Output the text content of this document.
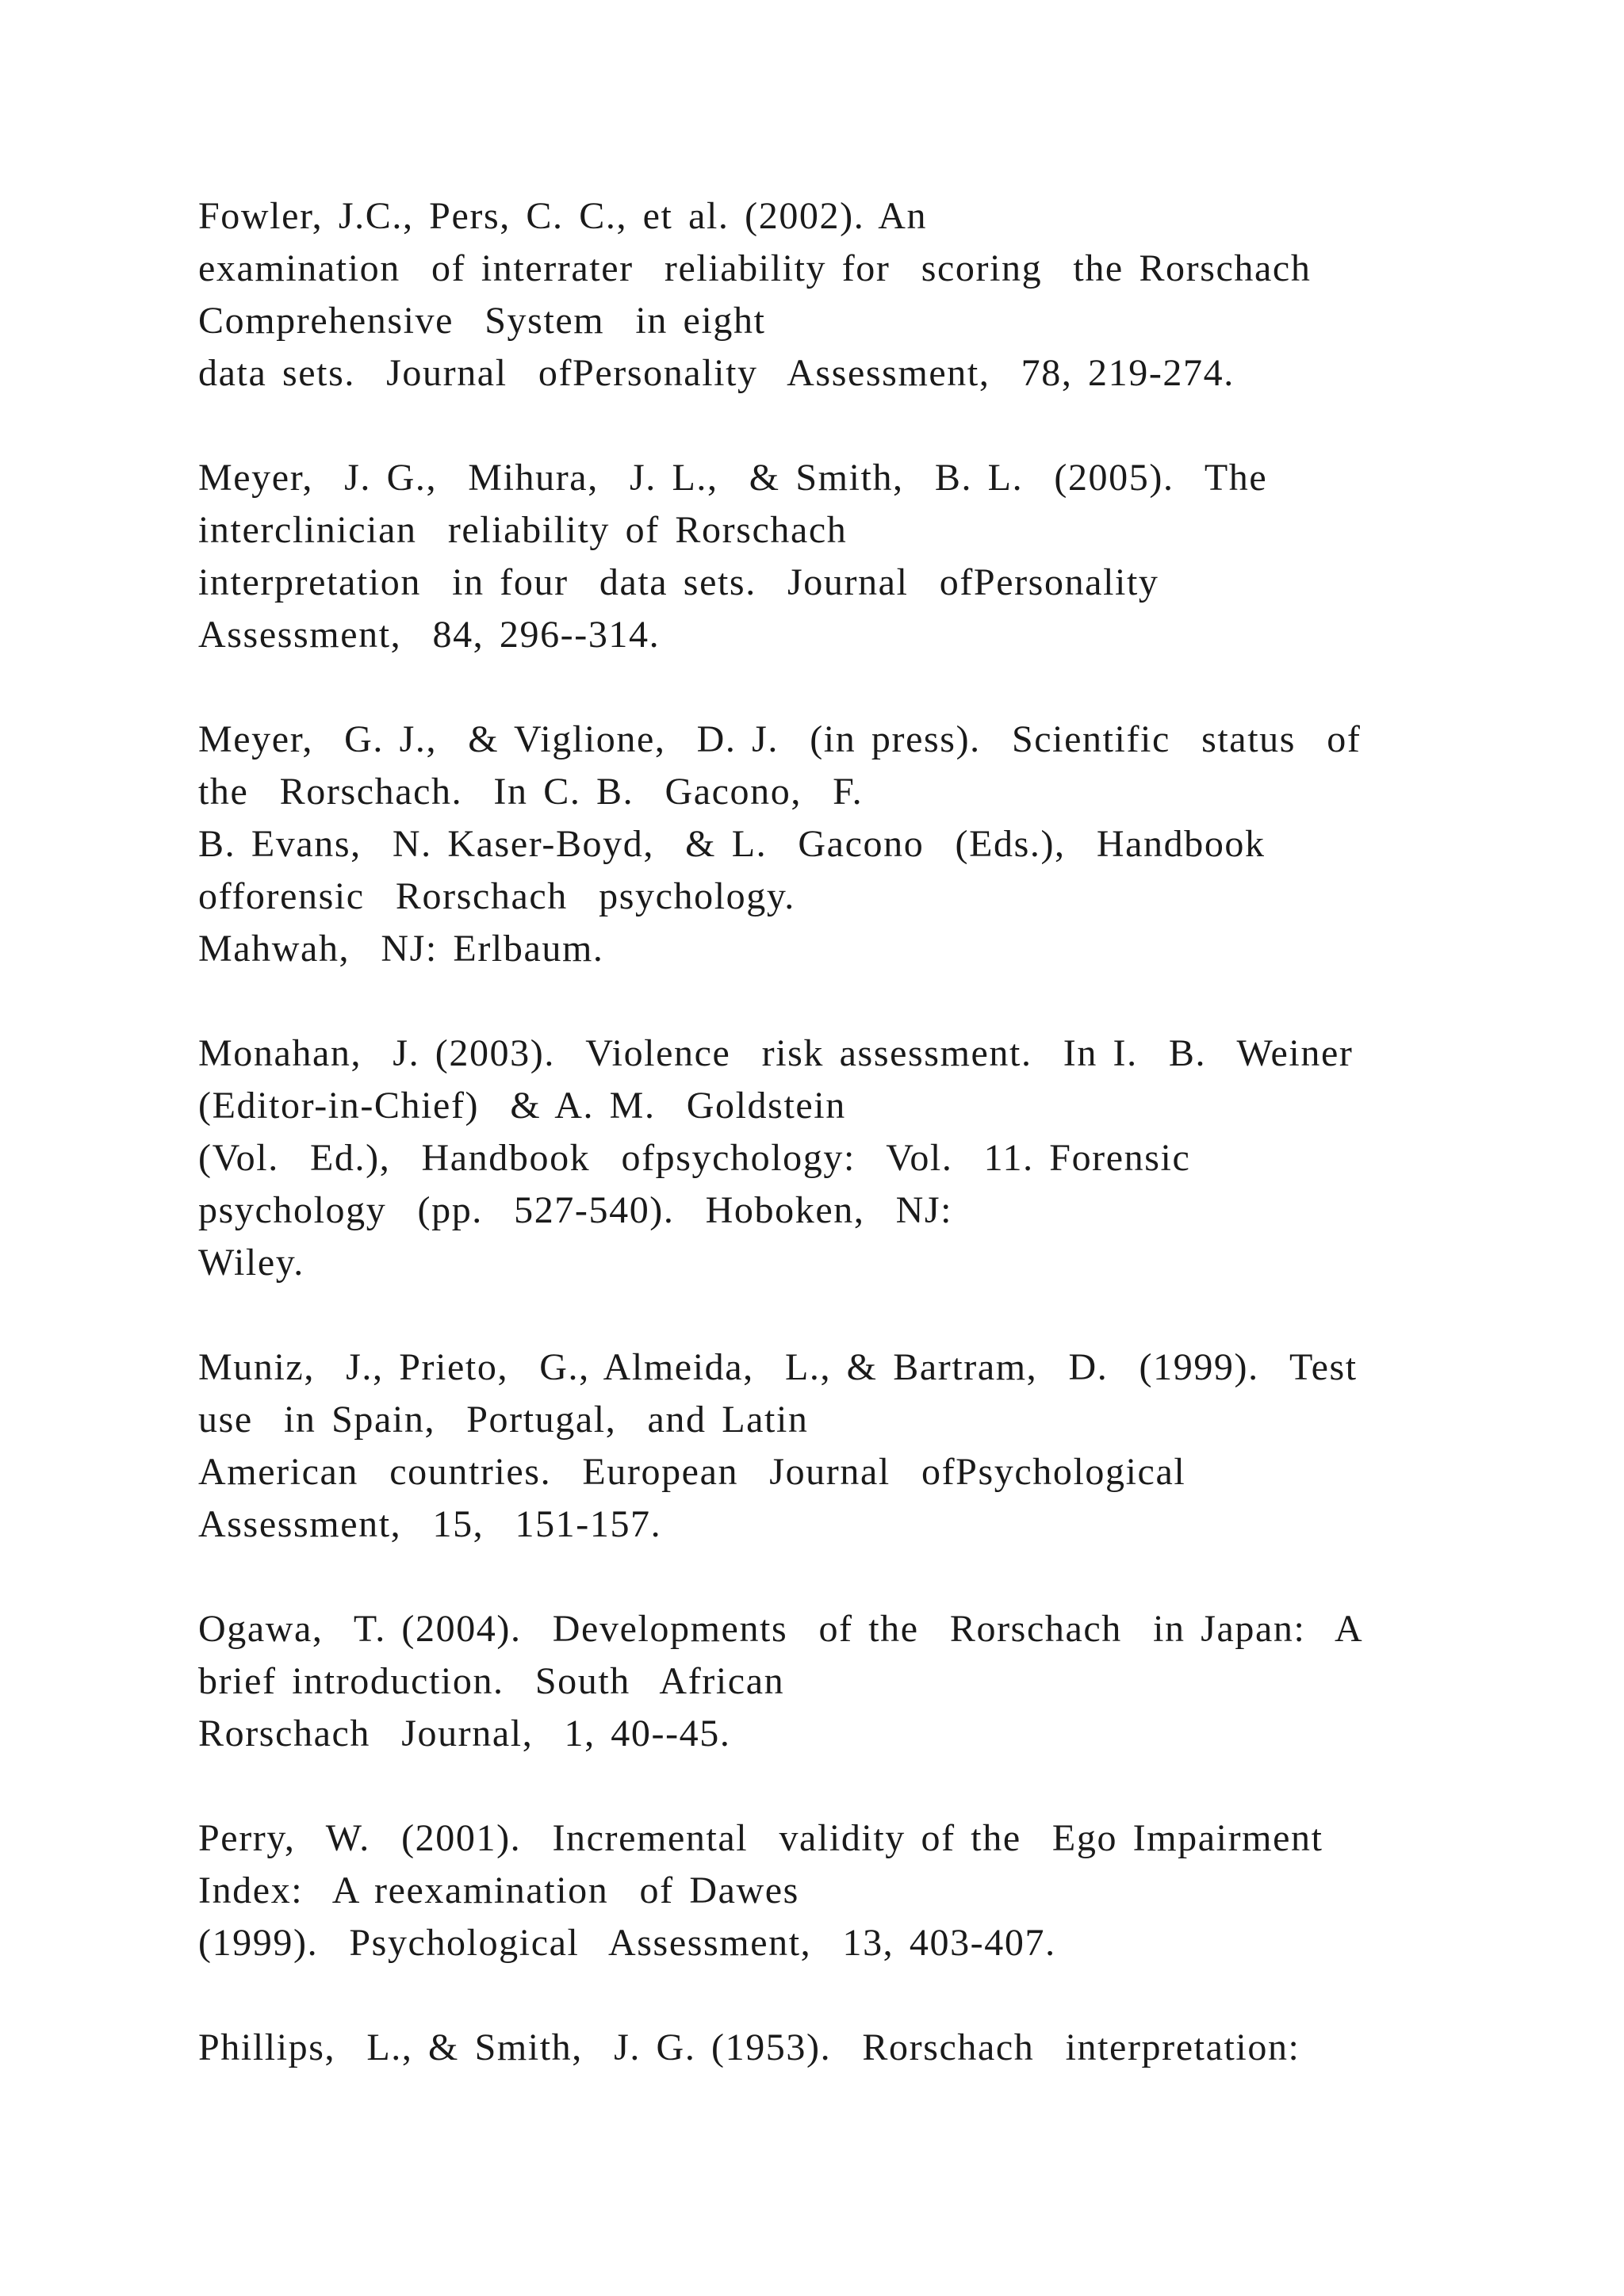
Fowler, J.C., Pers, C. C., et al. (2002). An
examination  of interrater  reliability for  scoring  the Rorschach
Comprehensive  System  in eight
data sets.  Journal  ofPersonality  Assessment,  78, 219-274.
Meyer,  J. G.,  Mihura,  J. L.,  & Smith,  B. L.  (2005).  The
interclinician  reliability of Rorschach
interpretation  in four  data sets.  Journal  ofPersonality
Assessment,  84, 296--314.
Meyer,  G. J.,  & Viglione,  D. J.  (in press).  Scientific  status  of
the  Rorschach.  In C. B.  Gacono,  F.
B. Evans,  N. Kaser-Boyd,  & L.  Gacono  (Eds.),  Handbook
offorensic  Rorschach  psychology.
Mahwah,  NJ: Erlbaum.
Monahan,  J. (2003).  Violence  risk assessment.  In I.  B.  Weiner
(Editor-in-Chief)  & A. M.  Goldstein
(Vol.  Ed.),  Handbook  ofpsychology:  Vol.  11. Forensic
psychology  (pp.  527-540).  Hoboken,  NJ:
Wiley.
Muniz,  J., Prieto,  G., Almeida,  L., & Bartram,  D.  (1999).  Test
use  in Spain,  Portugal,  and Latin
American  countries.  European  Journal  ofPsychological
Assessment,  15,  151-157.
Ogawa,  T. (2004).  Developments  of the  Rorschach  in Japan:  A
brief introduction.  South  African
Rorschach  Journal,  1, 40--45.
Perry,  W.  (2001).  Incremental  validity of the  Ego Impairment
Index:  A reexamination  of Dawes
(1999).  Psychological  Assessment,  13, 403-407.
Phillips,  L., & Smith,  J. G. (1953).  Rorschach  interpretation:
